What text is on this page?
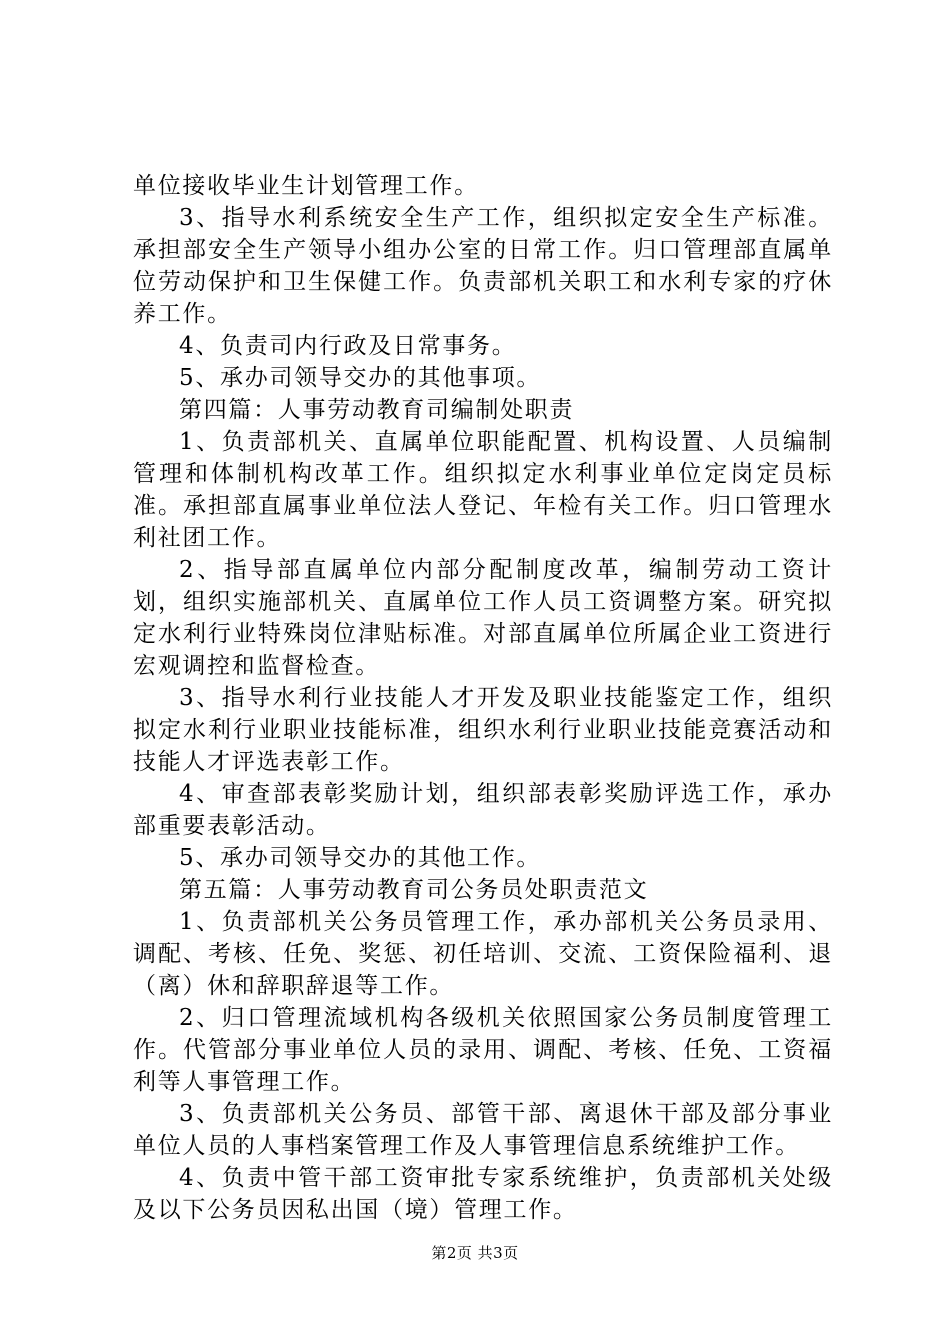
单位接收毕业生计划管理工作。

3、指导水利系统安全生产工作，组织拟定安全生产标准。承担部安全生产领导小组办公室的日常工作。归口管理部直属单位劳动保护和卫生保健工作。负责部机关职工和水利专家的疗休养工作。

4、负责司内行政及日常事务。

5、承办司领导交办的其他事项。

第四篇：人事劳动教育司编制处职责

1、负责部机关、直属单位职能配置、机构设置、人员编制管理和体制机构改革工作。组织拟定水利事业单位定岗定员标准。承担部直属事业单位法人登记、年检有关工作。归口管理水利社团工作。

2、指导部直属单位内部分配制度改革，编制劳动工资计划，组织实施部机关、直属单位工作人员工资调整方案。研究拟定水利行业特殊岗位津贴标准。对部直属单位所属企业工资进行宏观调控和监督检查。

3、指导水利行业技能人才开发及职业技能鉴定工作，组织拟定水利行业职业技能标准，组织水利行业职业技能竞赛活动和技能人才评选表彰工作。

4、审查部表彰奖励计划，组织部表彰奖励评选工作，承办部重要表彰活动。

5、承办司领导交办的其他工作。

第五篇：人事劳动教育司公务员处职责范文

1、负责部机关公务员管理工作，承办部机关公务员录用、调配、考核、任免、奖惩、初任培训、交流、工资保险福利、退（离）休和辞职辞退等工作。

2、归口管理流域机构各级机关依照国家公务员制度管理工作。代管部分事业单位人员的录用、调配、考核、任免、工资福利等人事管理工作。

3、负责部机关公务员、部管干部、离退休干部及部分事业单位人员的人事档案管理工作及人事管理信息系统维护工作。

4、负责中管干部工资审批专家系统维护，负责部机关处级及以下公务员因私出国（境）管理工作。

第2页 共3页
